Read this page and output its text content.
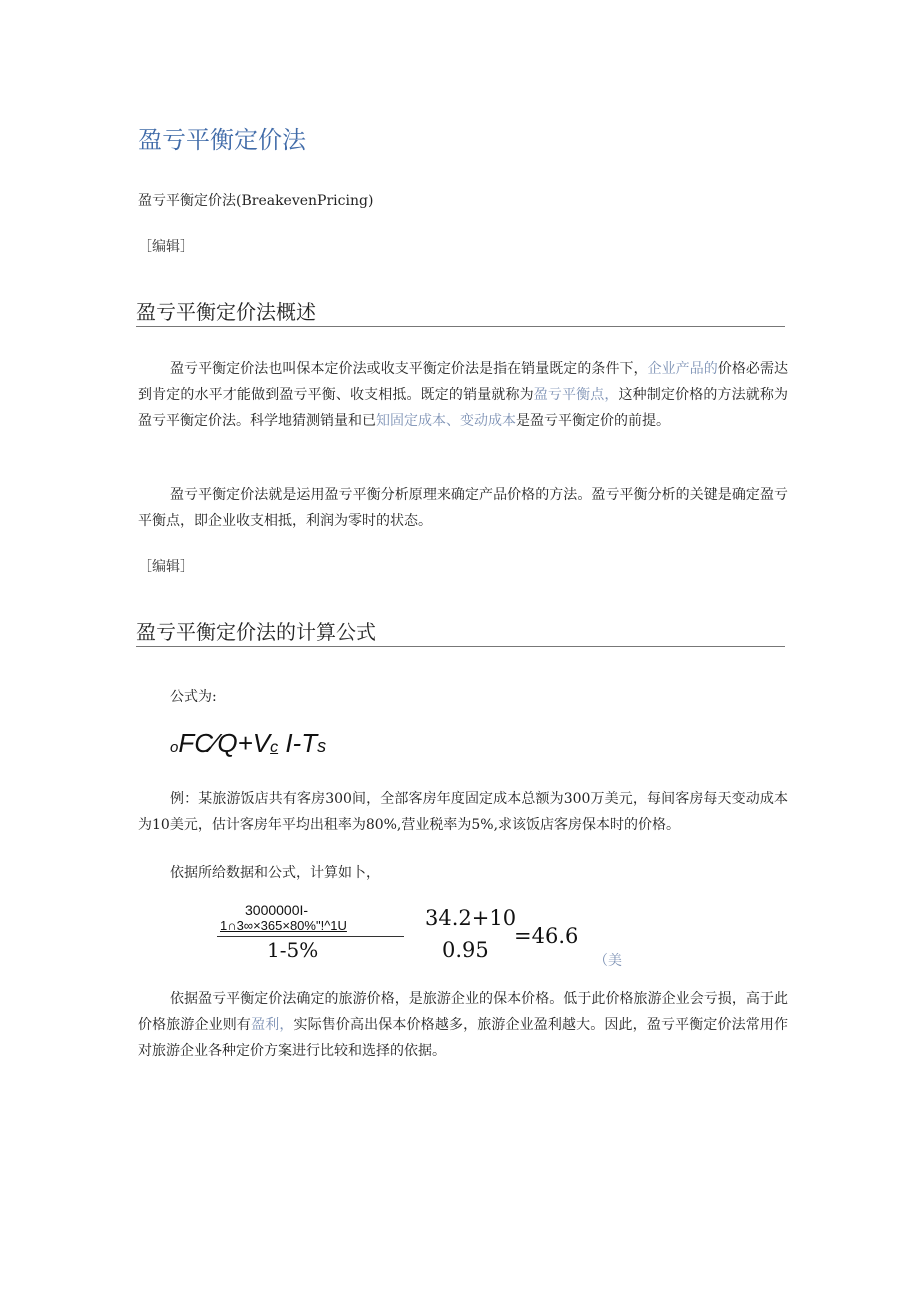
盈亏平衡定价法
盈亏平衡定价法(BreakevenPricing)
［编辑］
盈亏平衡定价法概述
盈亏平衡定价法也叫保本定价法或收支平衡定价法是指在销量既定的条件下，企业产品的价格必需达到肯定的水平才能做到盈亏平衡、收支相抵。既定的销量就称为盈亏平衡点，这种制定价格的方法就称为盈亏平衡定价法。科学地猜测销量和已知固定成本、变动成本是盈亏平衡定价的前提。
盈亏平衡定价法就是运用盈亏平衡分析原理来确定产品价格的方法。盈亏平衡分析的关键是确定盈亏平衡点，即企业收支相抵，利润为零时的状态。
［编辑］
盈亏平衡定价法的计算公式
公式为:
oFC⁄Q+Vc I-Ts
例：某旅游饭店共有客房300间，全部客房年度固定成本总额为300万美元，每间客房每天变动成本为10美元，估计客房年平均出租率为80%,营业税率为5%,求该饭店客房保本时的价格。
依据所给数据和公式，计算如卜，
3000000I-
1∩3∞×365×80%"!^1U
1-5%
34.2+10
0.95
=46.6
（美
依据盈亏平衡定价法确定的旅游价格，是旅游企业的保本价格。低于此价格旅游企业会亏损，高于此价格旅游企业则有盈利，实际售价高出保本价格越多，旅游企业盈利越大。因此，盈亏平衡定价法常用作对旅游企业各种定价方案进行比较和选择的依据。
